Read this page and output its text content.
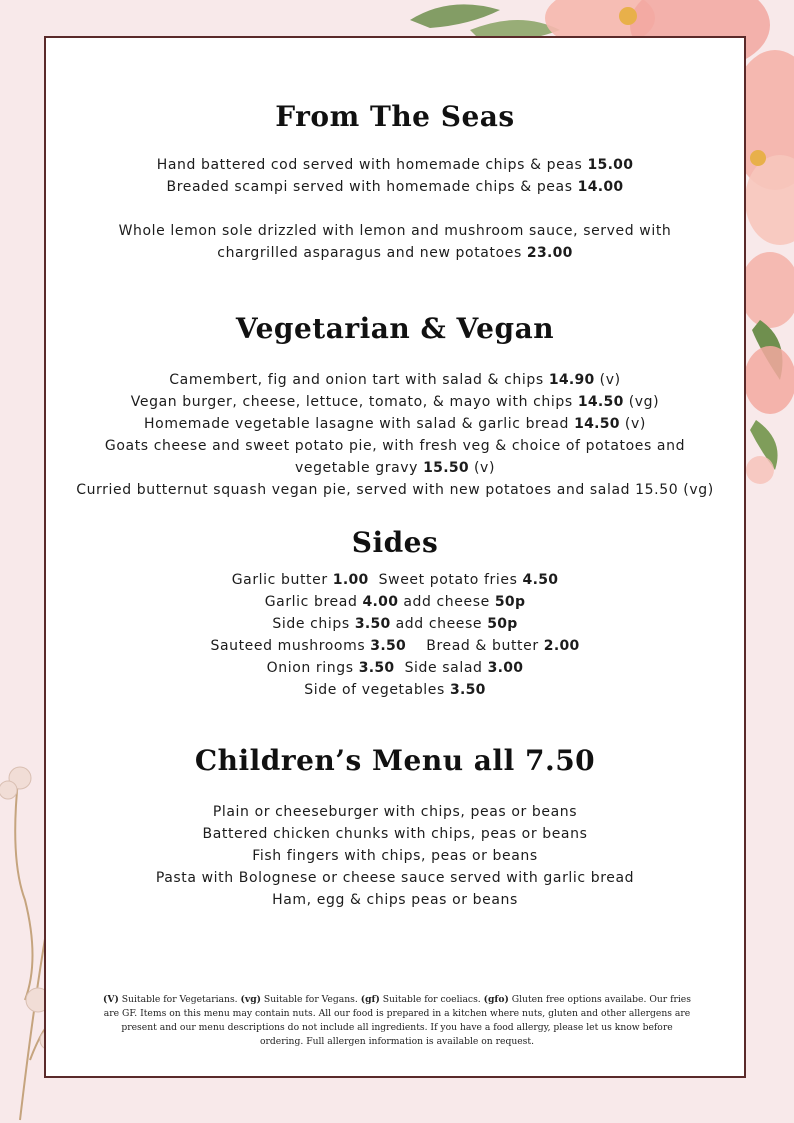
From The Seas
Hand battered cod served with homemade chips & peas 15.00
Breaded scampi served with homemade chips & peas 14.00
Whole lemon sole drizzled with lemon and mushroom sauce, served with
chargrilled asparagus and new potatoes 23.00
Vegetarian & Vegan
Camembert, fig and onion tart with salad & chips 14.90 (v)
Vegan burger, cheese, lettuce, tomato, & mayo with chips 14.50 (vg)
Homemade vegetable lasagne with salad & garlic bread 14.50 (v)
Goats cheese and sweet potato pie, with fresh veg & choice of potatoes and
vegetable gravy 15.50 (v)
Curried butternut squash vegan pie, served with new potatoes and salad 15.50 (vg)
Sides
Garlic butter 1.00 Sweet potato fries 4.50
Garlic bread 4.00 add cheese 50p
Side chips 3.50 add cheese 50p
Sauteed mushrooms 3.50 Bread & butter 2.00
Onion rings 3.50 Side salad 3.00
Side of vegetables 3.50
Children’s Menu all 7.50
Plain or cheeseburger with chips, peas or beans
Battered chicken chunks with chips, peas or beans
Fish fingers with chips, peas or beans
Pasta with Bolognese or cheese sauce served with garlic bread
Ham, egg & chips peas or beans
(V) Suitable for Vegetarians. (vg) Suitable for Vegans. (gf) Suitable for coeliacs. (gfo) Gluten free options availabe. Our fries are GF. Items on this menu may contain nuts. All our food is prepared in a kitchen where nuts, gluten and other allergens are present and our menu descriptions do not include all ingredients. If you have a food allergy, please let us know before ordering. Full allergen information is available on request.
